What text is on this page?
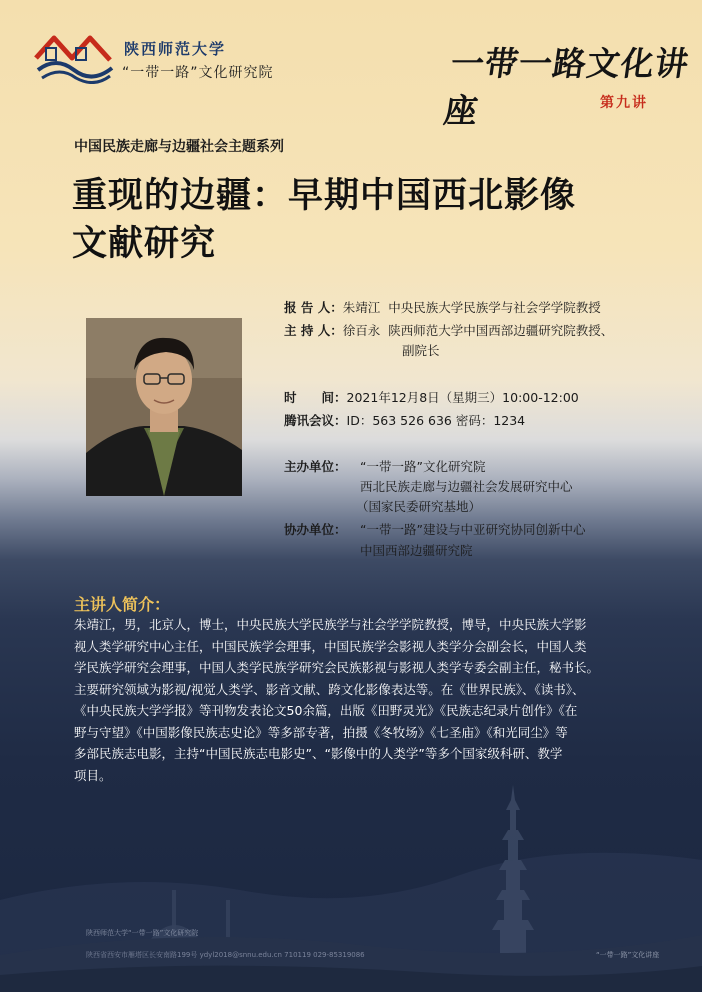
陕西师范大学
“一带一路”文化研究院	一带一路文化讲座	第九讲
中国民族走廊与边疆社会主题系列
重现的边疆：早期中国西北影像
文献研究
报 告 人：朱靖江 中央民族大学民族学与社会学学院教授
主 持 人：徐百永 陕西师范大学中国西部边疆研究院教授、
副院长
时　　间：2021年12月8日（星期三）10:00-12:00
腾讯会议：ID：563 526 636 密码：1234
主办单位： “一带一路”文化研究院
西北民族走廊与边疆社会发展研究中心
（国家民委研究基地）
协办单位： “一带一路”建设与中亚研究协同创新中心
中国西部边疆研究院
主讲人简介：
朱靖江，男，北京人，博士，中央民族大学民族学与社会学学院教授，博导，中央民族大学影
视人类学研究中心主任，中国民族学会理事，中国民族学会影视人类学分会副会长，中国人类
学民族学研究会理事，中国人类学民族学研究会民族影视与影视人类学专委会副主任，秘书长。
主要研究领域为影视/视觉人类学、影音文献、跨文化影像表达等。在《世界民族》、《读书》、
《中央民族大学学报》等刊物发表论文50余篇，出版《田野灵光》《民族志纪录片创作》《在
野与守望》《中国影像民族志史论》等多部专著，拍摄《冬牧场》《七圣庙》《和光同尘》等
多部民族志电影，主持“中国民族志电影史”、“影像中的人类学”等多个国家级科研、教学
项目。
陕西师范大学“一带一路”文化研究院
陕西省西安市雁塔区长安南路199号 ydyl2018@snnu.edu.cn 710119 029-85319086	“一带一路”文化讲座
